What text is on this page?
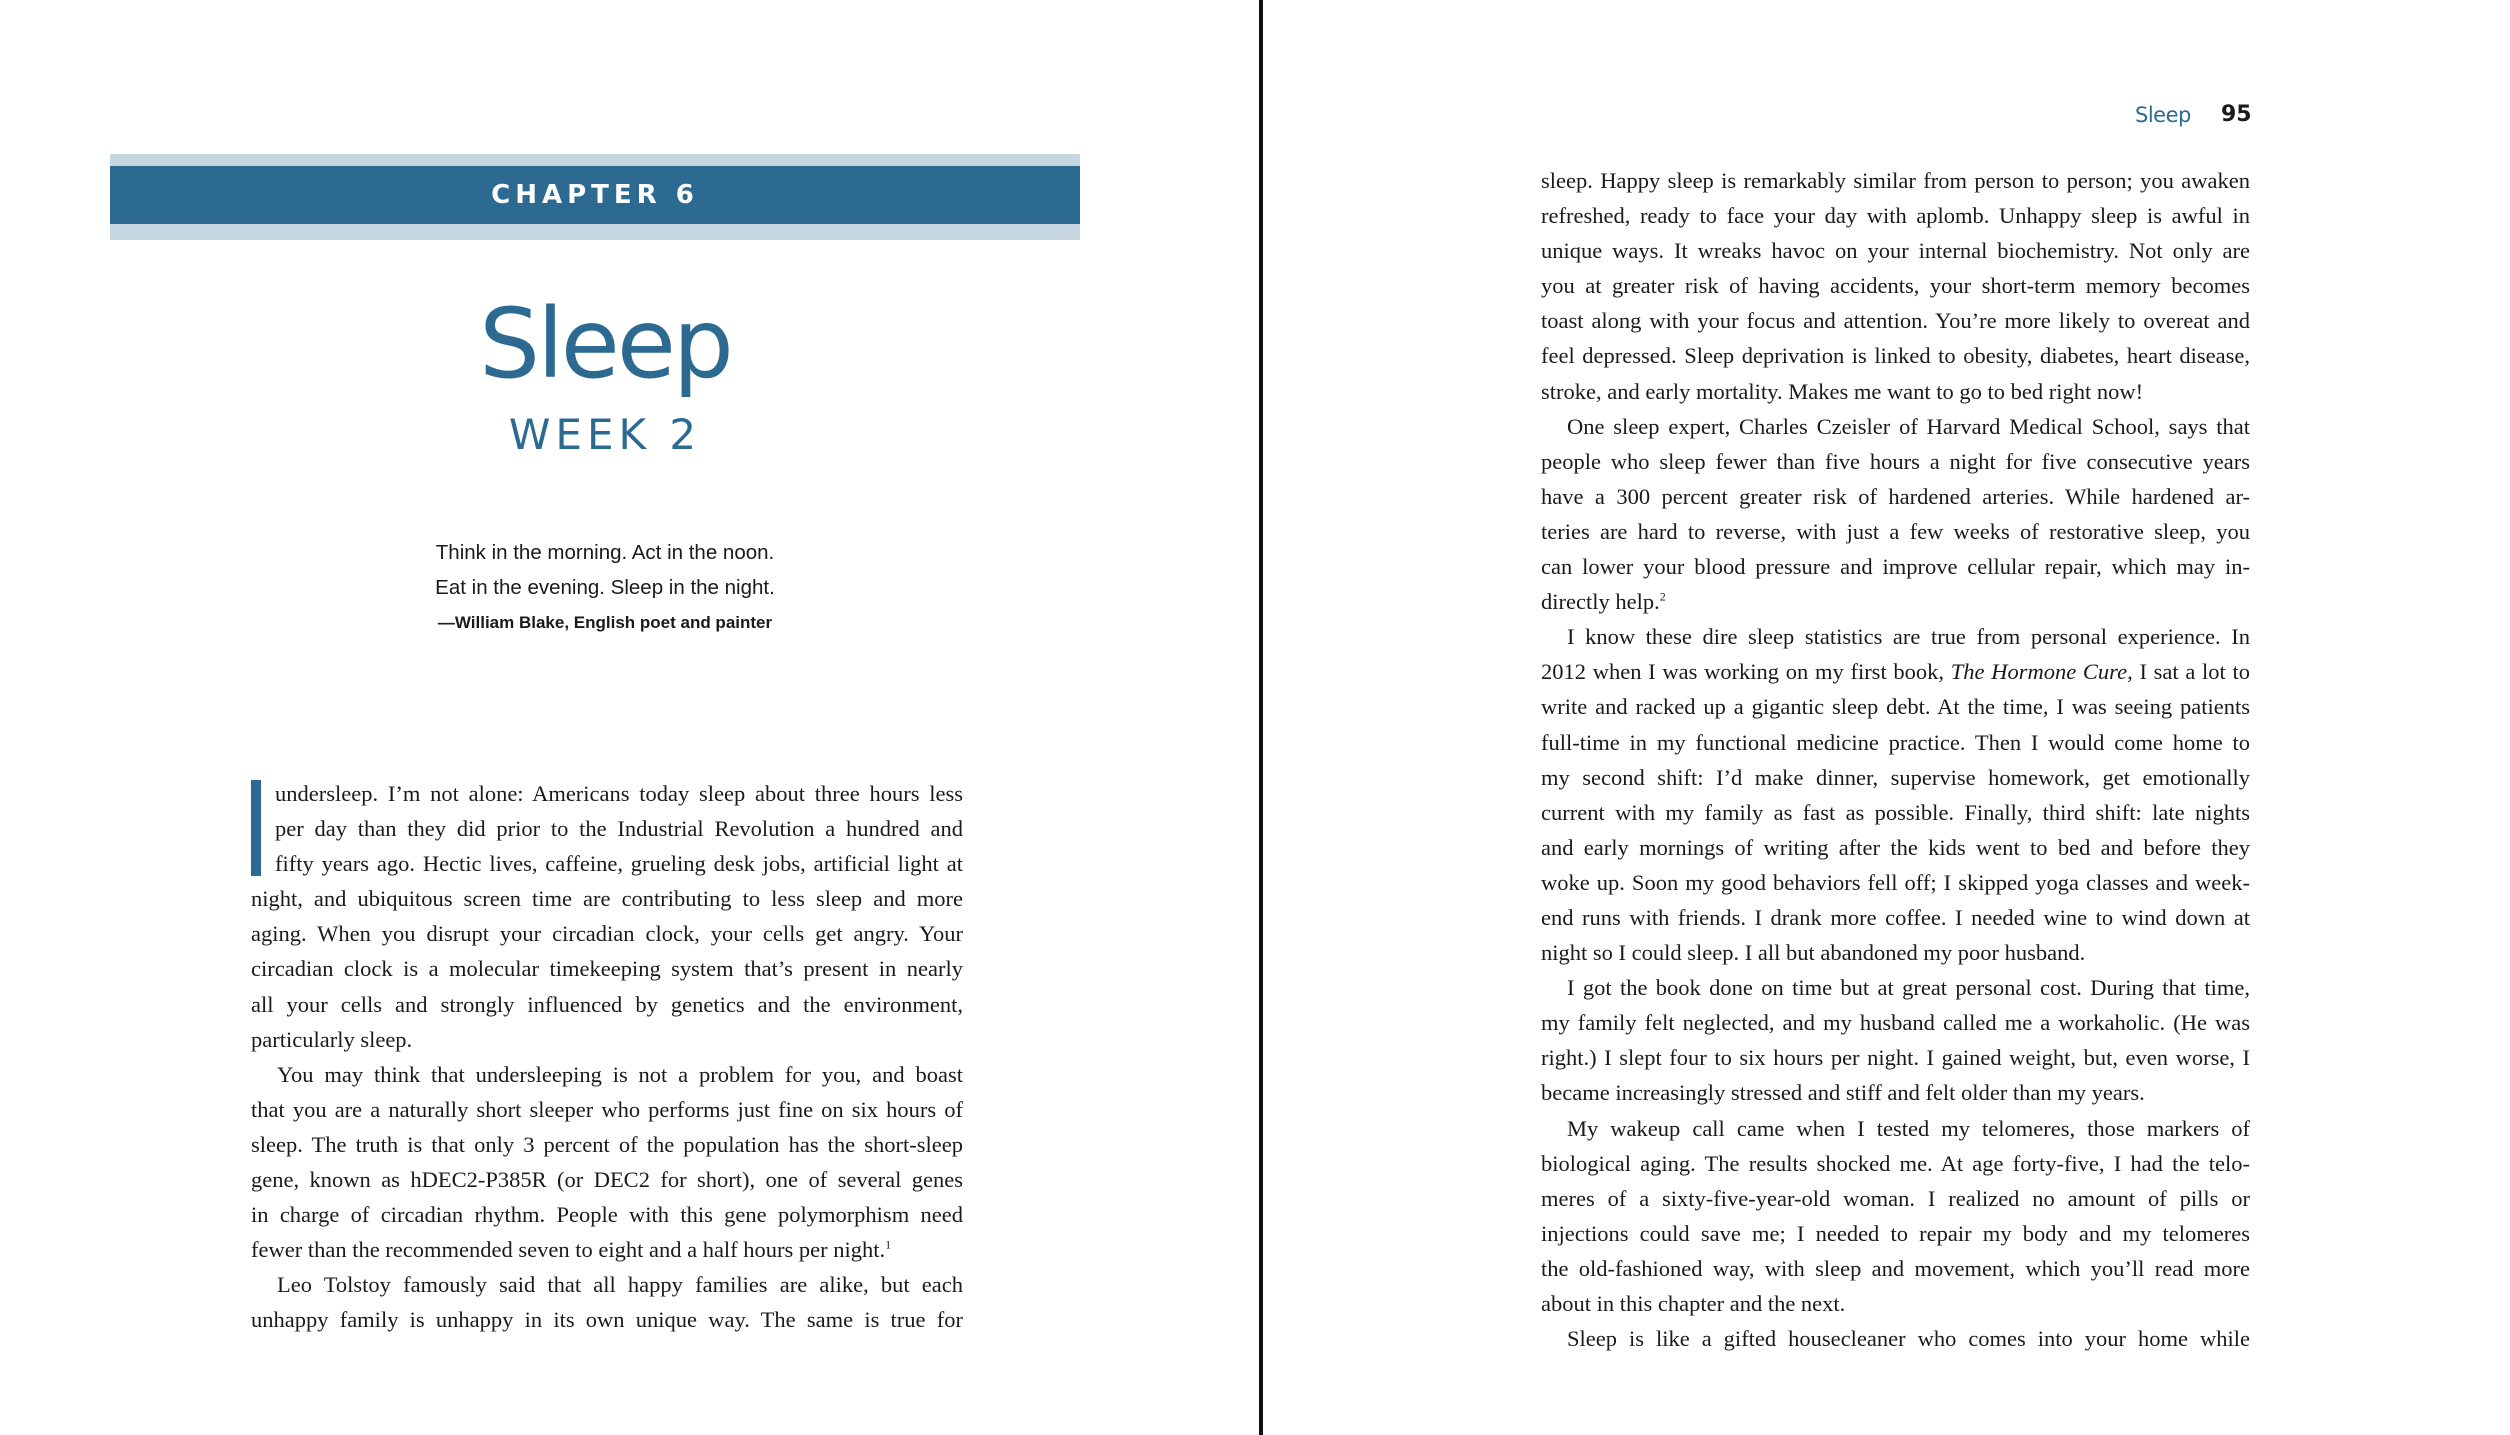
CHAPTER 6
Sleep
WEEK 2
Think in the morning. Act in the noon.
Eat in the evening. Sleep in the night.
—William Blake, English poet and painter
undersleep. I’m not alone: Americans today sleep about three hours less
per day than they did prior to the Industrial Revolution a hundred and
fifty years ago. Hectic lives, caffeine, grueling desk jobs, artificial light at
night, and ubiquitous screen time are contributing to less sleep and more
aging. When you disrupt your circadian clock, your cells get angry. Your
circadian clock is a molecular timekeeping system that’s present in nearly
all your cells and strongly influenced by genetics and the environment,
particularly sleep.
You may think that undersleeping is not a problem for you, and boast
that you are a naturally short sleeper who performs just fine on six hours of
sleep. The truth is that only 3 percent of the population has the short-sleep
gene, known as hDEC2-P385R (or DEC2 for short), one of several genes
in charge of circadian rhythm. People with this gene polymorphism need
fewer than the recommended seven to eight and a half hours per night.$^1$
Leo Tolstoy famously said that all happy families are alike, but each
unhappy family is unhappy in its own unique way. The same is true for
Sleep 95
sleep. Happy sleep is remarkably similar from person to person; you awaken
refreshed, ready to face your day with aplomb. Unhappy sleep is awful in
unique ways. It wreaks havoc on your internal biochemistry. Not only are
you at greater risk of having accidents, your short-term memory becomes
toast along with your focus and attention. You’re more likely to overeat and
feel depressed. Sleep deprivation is linked to obesity, diabetes, heart disease,
stroke, and early mortality. Makes me want to go to bed right now!
One sleep expert, Charles Czeisler of Harvard Medical School, says that
people who sleep fewer than five hours a night for five consecutive years
have a 300 percent greater risk of hardened arteries. While hardened ar-
teries are hard to reverse, with just a few weeks of restorative sleep, you
can lower your blood pressure and improve cellular repair, which may in-
directly help.$^2$
I know these dire sleep statistics are true from personal experience. In
2012 when I was working on my first book, The Hormone Cure, I sat a lot to
write and racked up a gigantic sleep debt. At the time, I was seeing patients
full-time in my functional medicine practice. Then I would come home to
my second shift: I’d make dinner, supervise homework, get emotionally
current with my family as fast as possible. Finally, third shift: late nights
and early mornings of writing after the kids went to bed and before they
woke up. Soon my good behaviors fell off; I skipped yoga classes and week-
end runs with friends. I drank more coffee. I needed wine to wind down at
night so I could sleep. I all but abandoned my poor husband.
I got the book done on time but at great personal cost. During that time,
my family felt neglected, and my husband called me a workaholic. (He was
right.) I slept four to six hours per night. I gained weight, but, even worse, I
became increasingly stressed and stiff and felt older than my years.
My wakeup call came when I tested my telomeres, those markers of
biological aging. The results shocked me. At age forty-five, I had the telo-
meres of a sixty-five-year-old woman. I realized no amount of pills or
injections could save me; I needed to repair my body and my telomeres
the old-fashioned way, with sleep and movement, which you’ll read more
about in this chapter and the next.
Sleep is like a gifted housecleaner who comes into your home while
